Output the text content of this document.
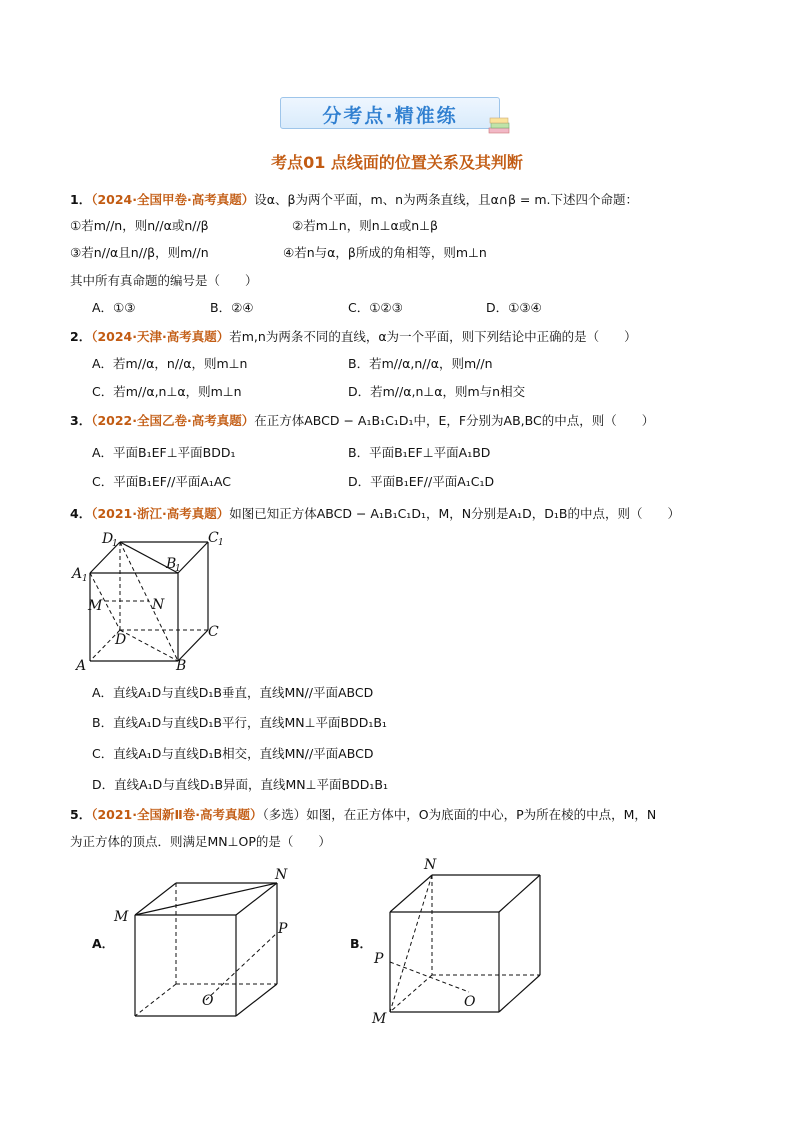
分考点·精准练
考点01 点线面的位置关系及其判断
1．（2024·全国甲卷·高考真题）设α、β为两个平面，m、n为两条直线，且α∩β = m.下述四个命题：
①若m//n，则n//α或n//β	②若m⊥n，则n⊥α或n⊥β
③若n//α且n//β，则m//n	④若n与α，β所成的角相等，则m⊥n
其中所有真命题的编号是（　　）
A．①③	B．②④	C．①②③	D．①③④
2．（2024·天津·高考真题）若m,n为两条不同的直线，α为一个平面，则下列结论中正确的是（　　）
A．若m//α，n//α，则m⊥n	B．若m//α,n//α，则m//n
C．若m//α,n⊥α，则m⊥n	D．若m//α,n⊥α，则m与n相交
3．（2022·全国乙卷·高考真题）在正方体ABCD − A₁B₁C₁D₁中，E，F分别为AB,BC的中点，则（　　）
A．平面B₁EF⊥平面BDD₁	B．平面B₁EF⊥平面A₁BD
C．平面B₁EF//平面A₁AC	D．平面B₁EF//平面A₁C₁D
4．（2021·浙江·高考真题）如图已知正方体ABCD − A₁B₁C₁D₁，M，N分别是A₁D，D₁B的中点，则（　　）
D
1	C 1
B
1
A 1
M	N
D	C
A	B
A．直线A₁D与直线D₁B垂直，直线MN//平面ABCD
B．直线A₁D与直线D₁B平行，直线MN⊥平面BDD₁B₁
C．直线A₁D与直线D₁B相交，直线MN//平面ABCD
D．直线A₁D与直线D₁B异面，直线MN⊥平面BDD₁B₁
5．（2021·全国新Ⅱ卷·高考真题）（多选）如图，在正方体中，O为底面的中心，P为所在棱的中点，M，N
为正方体的顶点．则满足MN⊥OP的是（　　）
A．
M
N
P
O
B．
N
P
O
M
